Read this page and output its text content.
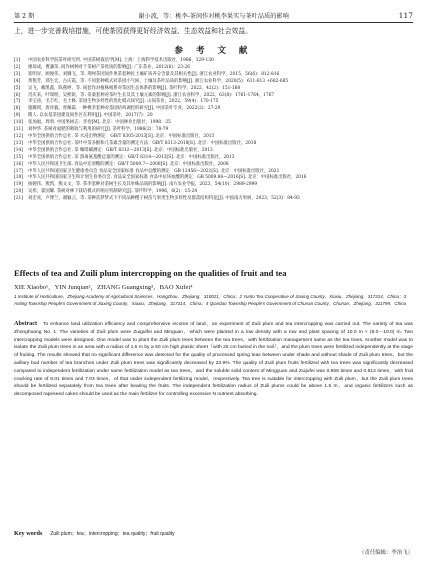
第 2 期	谢小波，等：桃李-茶间作对桃李果实与茶叶品质的影响	117
上，进一步完善栽培措施，可使茶园获得更好经济效益、生态效益和社会效益。
参 考 文 献
[1] 中国农业科学院茶叶研究所. 中国茶树栽培学[M]. 上海：上海科学技术出版社，1986，129-130
[2] 廖琼成，曹藩荣. 间作树种对于茶树产茶优质的影响[J]. 广东茶业，2012(6)：23-26
[3] 崔明昇，顾俊伟，刘腾飞，等. 荆州茶园间作果茶套种民土壤矿质养分含量及其相关性[J]. 浙江农业科学，2015，56(6)：812-816
[4] 黄艳芳，郑生宏，古庆霞，等. 不同套种模式对茶园小气候、土壤及茶叶品质的影响[J]. 浙江农业科学，2020(5)：611-613 +682-685
[5] 吴飞，戴凯鑫，陈燕婷，等. 间套作对植株根系对茶园生态体系的影响[J]. 茶叶科学，2022，42(2)：151-168
[6] 肖庆来，叶瑞明，吴熙锐，等. 茶桑套种对茶叶生长及其土壤元素的影响[J]. 浙江农业科学，2022，63(8)：1761-1764，1767
[7] 李宝涛，毛丰红，毛士修. 茶园生物多样性的优化模式探究[J]. 山间茶业，2022，59(4)：170-175
[8] 施耀祺，唐祥毅，曾佩霞. 一种桃李套种对茶园结构调控的研究[J]. 中国茶叶专业，2022(2)：27-29
[9] 隋人. 以农基茶园建设间作区在利用[J]. 中国茶叶，2017(7)：20
[10] 张加福，周勇. 中国果树志：李卷[M]. 北京：中国林业出版社，1998：25
[11] 刘仲华. 茶树对氮肥的吸收与利用的研究[J]. 茶叶科学，1986(2)：78-79
[12] 中华全国供销合作总社. 茶 水浸出物测定：GB/T 8305-2013[S]. 北京：中国标准出版社，2013
[13] 中华全国供销合作总社. 茶叶中茶多酚和儿茶素含量的测定方法：GB/T 8313-2018[S]. 北京：中国标准出版社，2018
[14] 中华全国供销合作总社. 茶 咖啡碱测定：GB/T 8312—2013[S]. 北京：中国标准出版社，2013
[15] 中华全国供销合作总社. 茶 游离氨基酸总量的测定：GB/T 8314—2013[S]. 北京：中国标准出版社，2013
[16] 中华人民共和国卫生部. 食品中还原糖的测定：GB/T 5009.7—2008[S]. 北京：中国标准出版社，2008
[17] 中华人民共和国国家卫生健康委员会 食品安全国家标准 食品中总酸的测定：GB 12456—2021[S]. 北京：中国标准出版社，2021
[18] 中华人民共和国国家卫生和计划生育委员会. 食品安全国家标准 食品中抗坏血酸的测定：GB 5009.86—2016[S]. 北京：中国标准出版社，2016
[19] 杨婉伟，熊凯，熊文文，等. 茶李套种对茶树生长及其单株品质的影响[J]. 南方农业学报，2023，54(10)：2989-2999
[20] 吴彤，霍国耀. 茶树对林下栽培模式的响应机制研究[J]. 茶叶科学，1996，6(2)：15-24
[21] 刘宏亮，卢博兰，谢颖云，等. 茶种苗梦梦式下不同品种樱子树苗与果类生物多样性及群落结构特征[J]. 中国南方果树，2023，52(3)：84-93
Effects of tea and Zuili plum intercropping on the qualities of fruit and tea
XIE Xiaobo¹，YIN Junqian²，ZHANG Guangxing³，BAO Xufei⁴
1 Institute of Horticulture，Zhejiang Academy of Agricultural Sciences，Hangzhou，Zhejiang，310021，China；2 Yuntu Tea Cooperative of Jiaxing County，Xiaxiu，Zhejiang，317314，China；3 Anting Township People’s Government of Jiaxing County，Xiaxiu，Zhejiang，317314，China；4 Qiandao Township People’s Government of Chunan County，Chunan，Zhejiang，311799，China
Abstract To enhance land utilization efficiency and comprehensive income of land，an experiment of Zuili plum and tea intercropping was carried out. The variety of tea was Zhonghuang No. 1. The varieties of Zuili plum were Zuigulfei and Minguan，which were planted in a low density with a row and plant spacing of 10.0 m × (8.0－10.0) m. Two intercropping models were designed. One model was to plant the Zuili plum trees between the tea trees，with fertilization management same as the tea trees. Another model was to isolate the Zuili plum trees in an area with a radius of 1.5 m by a 50 cm high plastic sheet（with 25 cm buried in the soil），and the plum trees were fertilized independently at the stage of fruiting. The results showed that no significant difference was detected for the quality of processed spring teas between under shade and without shade of Zuili plum trees，but the axillary bud number of tea branches under Zuili plum trees was significantly decreased by 23.9%. The quality of Zuili plum fruits fertilized with tea trees was significantly decreased compared to independent fertilization under same fertilization model as tea trees，and the soluble solid content of Mingyuan and Zuijufei was 0.858 times and 0.813 times，with fruit cracking rate of 8.01 times and 7.03 times，of that under independent fertilizing model，respectively. Tea tree is suitable for intercropping with Zuili plum，but the Zuili plum trees should be fertilized separately from tea trees after bearing the fruits. The independent fertilization radius of Zuili plums could be above 1.5 m，and organic fertilizers such as decomposed rapeseed cakes should be used as the main fertilizer for controlling excessive N nutrient absorbing.
Key words Zuili plum；tea；intercropping；tea quality；fruit quality
（责任编辑：李治飞）
